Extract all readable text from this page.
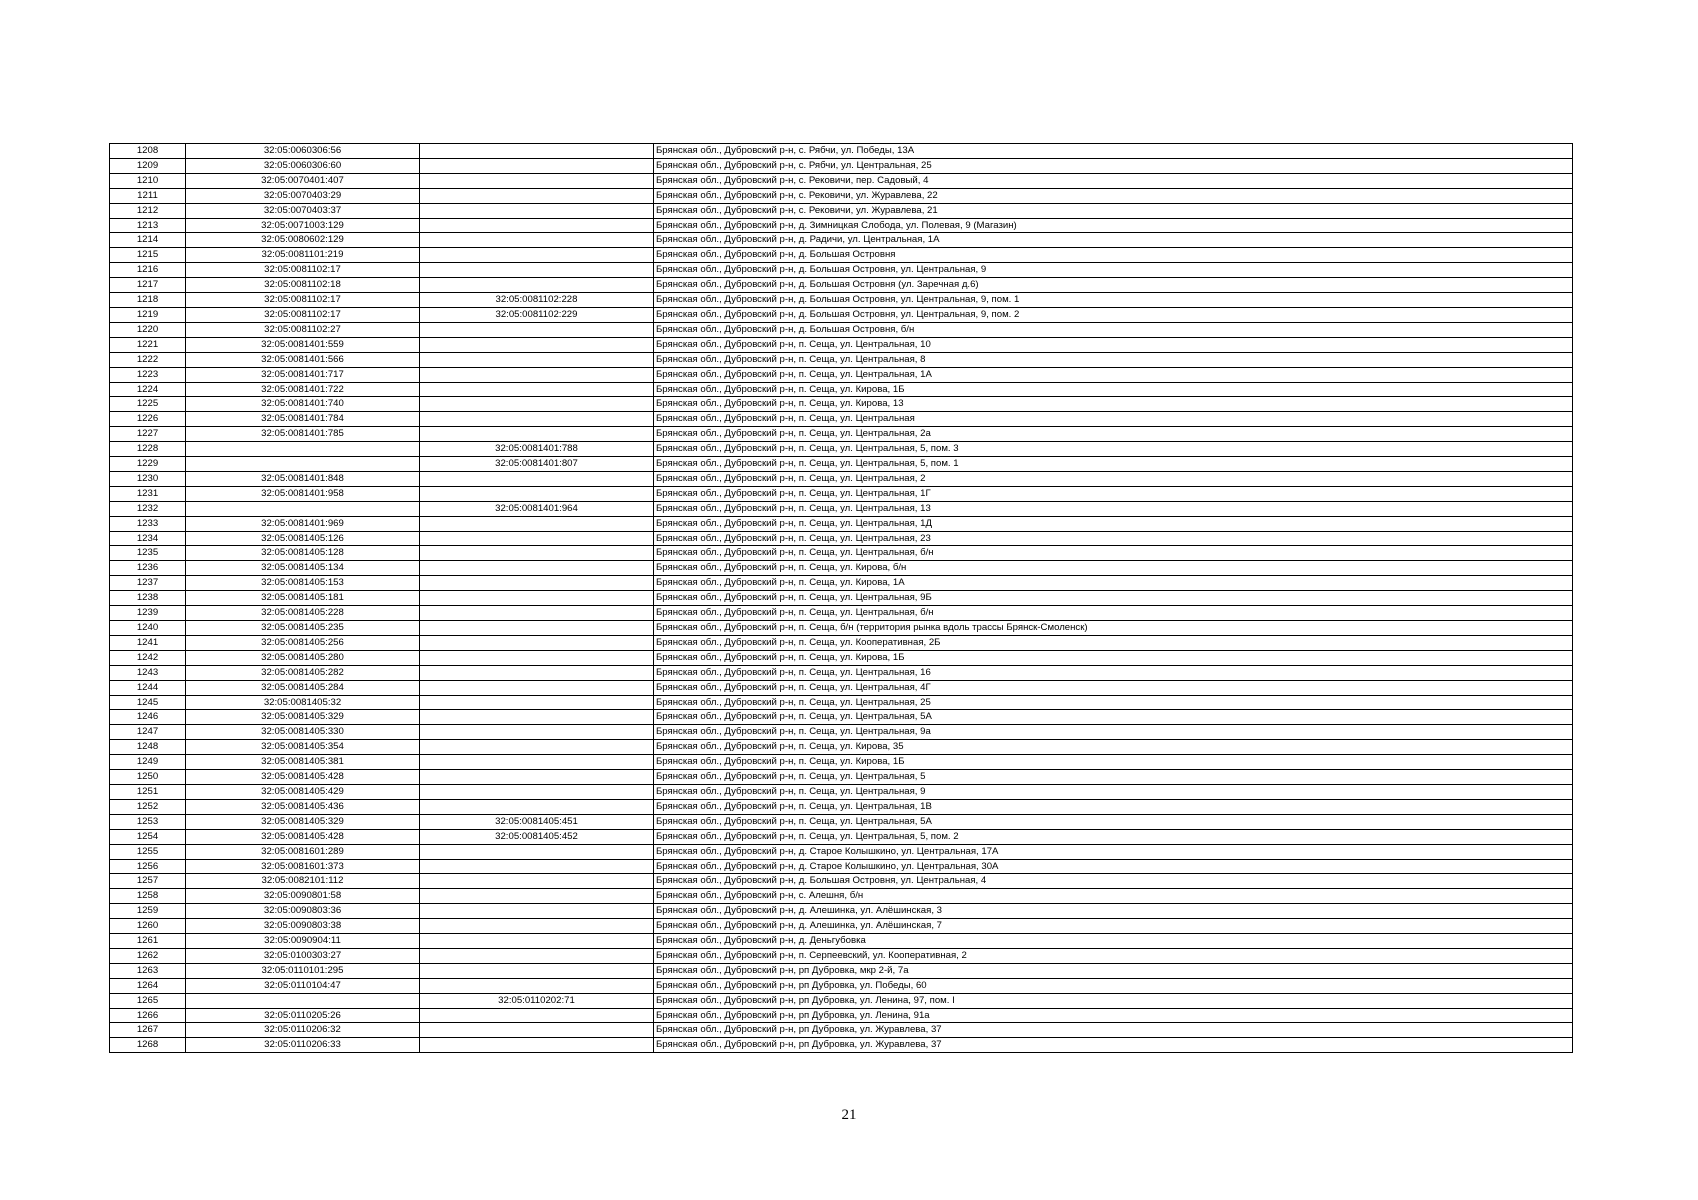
1208	32:05:0060306:56		Брянская обл., Дубровский р-н, с. Рябчи, ул. Победы, 13А
1209	32:05:0060306:60		Брянская обл., Дубровский р-н, с. Рябчи, ул. Центральная, 25
1210	32:05:0070401:407		Брянская обл., Дубровский р-н, с. Рековичи, пер. Садовый, 4
1211	32:05:0070403:29		Брянская обл., Дубровский р-н, с. Рековичи, ул. Журавлева, 22
1212	32:05:0070403:37		Брянская обл., Дубровский р-н, с. Рековичи, ул. Журавлева, 21
1213	32:05:0071003:129		Брянская обл., Дубровский р-н, д. Зимницкая Слобода, ул. Полевая, 9 (Магазин)
1214	32:05:0080602:129		Брянская обл., Дубровский р-н, д. Радичи, ул. Центральная, 1А
1215	32:05:0081101:219		Брянская обл., Дубровский р-н, д. Большая Островня
1216	32:05:0081102:17		Брянская обл., Дубровский р-н, д. Большая Островня, ул. Центральная, 9
1217	32:05:0081102:18		Брянская обл., Дубровский р-н, д. Большая Островня (ул. Заречная д.6)
1218	32:05:0081102:17	32:05:0081102:228	Брянская обл., Дубровский р-н, д. Большая Островня, ул. Центральная, 9, пом. 1
1219	32:05:0081102:17	32:05:0081102:229	Брянская обл., Дубровский р-н, д. Большая Островня, ул. Центральная, 9, пом. 2
1220	32:05:0081102:27		Брянская обл., Дубровский р-н, д. Большая Островня, б/н
1221	32:05:0081401:559		Брянская обл., Дубровский р-н, п. Сеща, ул. Центральная, 10
1222	32:05:0081401:566		Брянская обл., Дубровский р-н, п. Сеща, ул. Центральная, 8
1223	32:05:0081401:717		Брянская обл., Дубровский р-н, п. Сеща, ул. Центральная, 1А
1224	32:05:0081401:722		Брянская обл., Дубровский р-н, п. Сеща, ул. Кирова, 1Б
1225	32:05:0081401:740		Брянская обл., Дубровский р-н, п. Сеща, ул. Кирова, 13
1226	32:05:0081401:784		Брянская обл., Дубровский р-н, п. Сеща, ул. Центральная
1227	32:05:0081401:785		Брянская обл., Дубровский р-н, п. Сеща, ул. Центральная, 2а
1228		32:05:0081401:788	Брянская обл., Дубровский р-н, п. Сеща, ул. Центральная, 5, пом. 3
1229		32:05:0081401:807	Брянская обл., Дубровский р-н, п. Сеща, ул. Центральная, 5, пом. 1
1230	32:05:0081401:848		Брянская обл., Дубровский р-н, п. Сеща, ул. Центральная, 2
1231	32:05:0081401:958		Брянская обл., Дубровский р-н, п. Сеща, ул. Центральная, 1Г
1232		32:05:0081401:964	Брянская обл., Дубровский р-н, п. Сеща, ул. Центральная, 13
1233	32:05:0081401:969		Брянская обл., Дубровский р-н, п. Сеща, ул. Центральная, 1Д
1234	32:05:0081405:126		Брянская обл., Дубровский р-н, п. Сеща, ул. Центральная, 23
1235	32:05:0081405:128		Брянская обл., Дубровский р-н, п. Сеща, ул. Центральная, б/н
1236	32:05:0081405:134		Брянская обл., Дубровский р-н, п. Сеща, ул. Кирова, б/н
1237	32:05:0081405:153		Брянская обл., Дубровский р-н, п. Сеща, ул. Кирова, 1А
1238	32:05:0081405:181		Брянская обл., Дубровский р-н, п. Сеща, ул. Центральная, 9Б
1239	32:05:0081405:228		Брянская обл., Дубровский р-н, п. Сеща, ул. Центральная, б/н
1240	32:05:0081405:235		Брянская обл., Дубровский р-н, п. Сеща, б/н (территория рынка вдоль трассы Брянск-Смоленск)
1241	32:05:0081405:256		Брянская обл., Дубровский р-н, п. Сеща, ул. Кооперативная, 2Б
1242	32:05:0081405:280		Брянская обл., Дубровский р-н, п. Сеща, ул. Кирова, 1Б
1243	32:05:0081405:282		Брянская обл., Дубровский р-н, п. Сеща, ул. Центральная, 16
1244	32:05:0081405:284		Брянская обл., Дубровский р-н, п. Сеща, ул. Центральная, 4Г
1245	32:05:0081405:32		Брянская обл., Дубровский р-н, п. Сеща, ул. Центральная, 25
1246	32:05:0081405:329		Брянская обл., Дубровский р-н, п. Сеща, ул. Центральная, 5А
1247	32:05:0081405:330		Брянская обл., Дубровский р-н, п. Сеща, ул. Центральная, 9а
1248	32:05:0081405:354		Брянская обл., Дубровский р-н, п. Сеща, ул. Кирова, 35
1249	32:05:0081405:381		Брянская обл., Дубровский р-н, п. Сеща, ул. Кирова, 1Б
1250	32:05:0081405:428		Брянская обл., Дубровский р-н, п. Сеща, ул. Центральная, 5
1251	32:05:0081405:429		Брянская обл., Дубровский р-н, п. Сеща, ул. Центральная, 9
1252	32:05:0081405:436		Брянская обл., Дубровский р-н, п. Сеща, ул. Центральная, 1В
1253	32:05:0081405:329	32:05:0081405:451	Брянская обл., Дубровский р-н, п. Сеща, ул. Центральная, 5А
1254	32:05:0081405:428	32:05:0081405:452	Брянская обл., Дубровский р-н, п. Сеща, ул. Центральная, 5, пом. 2
1255	32:05:0081601:289		Брянская обл., Дубровский р-н, д. Старое Колышкино, ул. Центральная, 17А
1256	32:05:0081601:373		Брянская обл., Дубровский р-н, д. Старое Колышкино, ул. Центральная, 30А
1257	32:05:0082101:112		Брянская обл., Дубровский р-н, д. Большая Островня, ул. Центральная, 4
1258	32:05:0090801:58		Брянская обл., Дубровский р-н, с. Алешня, б/н
1259	32:05:0090803:36		Брянская обл., Дубровский р-н, д. Алешинка, ул. Алёшинская, 3
1260	32:05:0090803:38		Брянская обл., Дубровский р-н, д. Алешинка, ул. Алёшинская, 7
1261	32:05:0090904:11		Брянская обл., Дубровский р-н, д. Деньгубовка
1262	32:05:0100303:27		Брянская обл., Дубровский р-н, п. Серпеевский, ул. Кооперативная, 2
1263	32:05:0110101:295		Брянская обл., Дубровский р-н, рп Дубровка, мкр 2-й, 7а
1264	32:05:0110104:47		Брянская обл., Дубровский р-н, рп Дубровка, ул. Победы, 60
1265		32:05:0110202:71	Брянская обл., Дубровский р-н, рп Дубровка, ул. Ленина, 97, пом. I
1266	32:05:0110205:26		Брянская обл., Дубровский р-н, рп Дубровка, ул. Ленина, 91а
1267	32:05:0110206:32		Брянская обл., Дубровский р-н, рп Дубровка, ул. Журавлева, 37
1268	32:05:0110206:33		Брянская обл., Дубровский р-н, рп Дубровка, ул. Журавлева, 37
21
